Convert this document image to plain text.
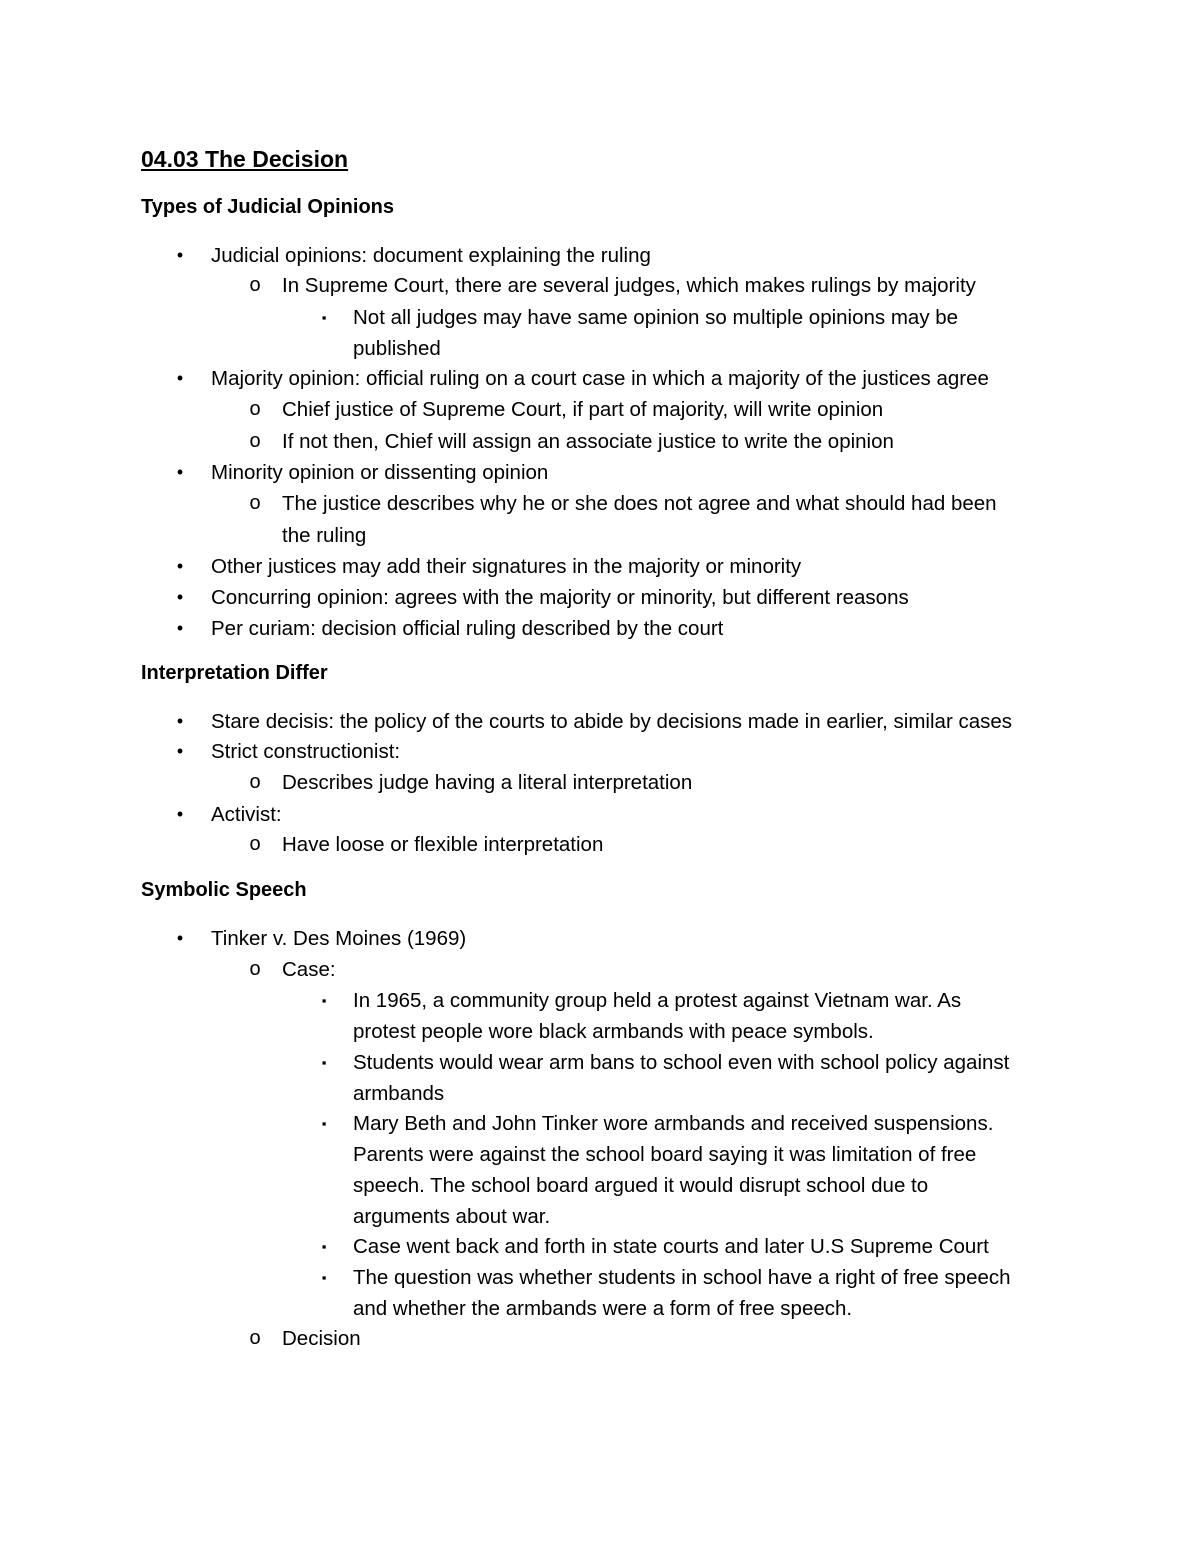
04.03 The Decision
Types of Judicial Opinions
•	Judicial opinions: document explaining the ruling
o	In Supreme Court, there are several judges, which makes rulings by majority
▪	Not all judges may have same opinion so multiple opinions may be
published
•	Majority opinion: official ruling on a court case in which a majority of the justices agree
o	Chief justice of Supreme Court, if part of majority, will write opinion
o	If not then, Chief will assign an associate justice to write the opinion
•	Minority opinion or dissenting opinion
o	The justice describes why he or she does not agree and what should had been
the ruling
•	Other justices may add their signatures in the majority or minority
•	Concurring opinion: agrees with the majority or minority, but different reasons
•	Per curiam: decision official ruling described by the court
Interpretation Differ
•	Stare decisis: the policy of the courts to abide by decisions made in earlier, similar cases
•	Strict constructionist:
o	Describes judge having a literal interpretation
•	Activist:
o	Have loose or flexible interpretation
Symbolic Speech
•	Tinker v. Des Moines (1969)
o	Case:
▪	In 1965, a community group held a protest against Vietnam war. As
protest people wore black armbands with peace symbols.
▪	Students would wear arm bans to school even with school policy against
armbands
▪	Mary Beth and John Tinker wore armbands and received suspensions.
Parents were against the school board saying it was limitation of free
speech. The school board argued it would disrupt school due to
arguments about war.
▪	Case went back and forth in state courts and later U.S Supreme Court
▪	The question was whether students in school have a right of free speech
and whether the armbands were a form of free speech.
o	Decision
